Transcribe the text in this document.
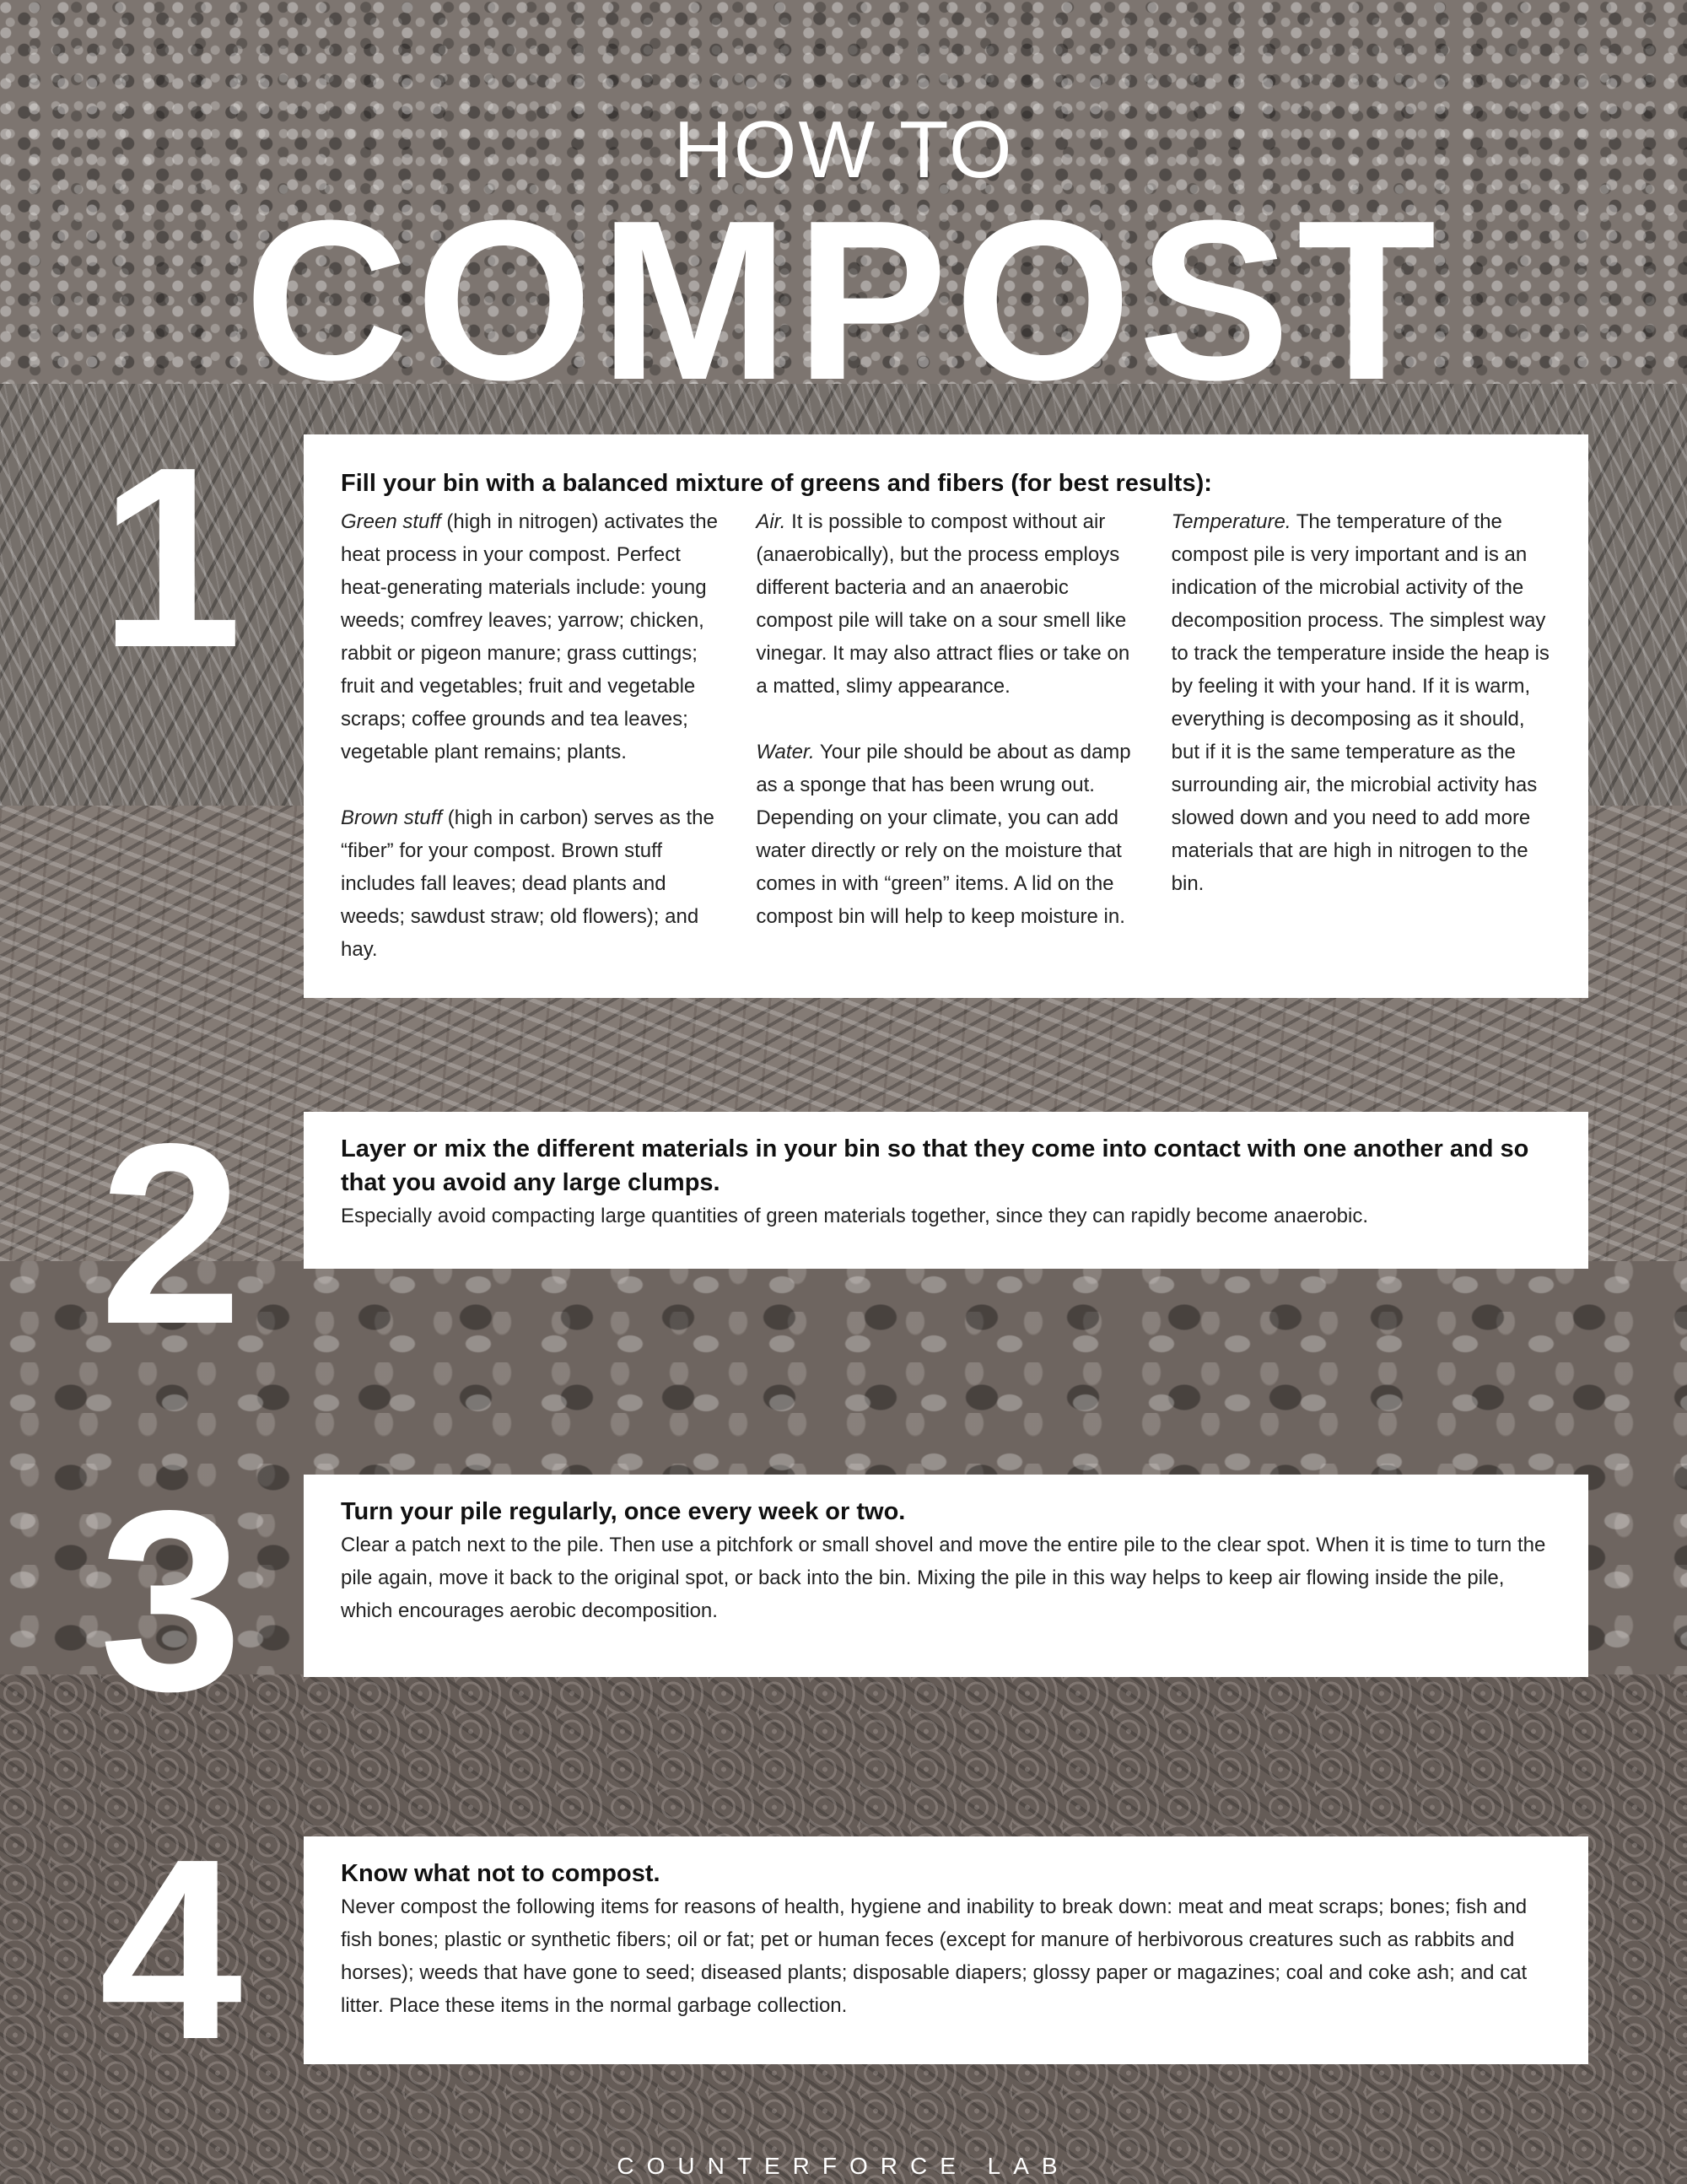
HOW TO
COMPOST
1	Fill your bin with a balanced mixture of greens and fibers (for best results):

Green stuff (high in nitrogen) activates the heat process in your compost. Perfect heat-generating materials include: young weeds; comfrey leaves; yarrow; chicken, rabbit or pigeon manure; grass cuttings; fruit and vegetables; fruit and vegetable scraps; coffee grounds and tea leaves; vegetable plant remains; plants.

Brown stuff (high in carbon) serves as the “fiber” for your compost. Brown stuff includes fall leaves; dead plants and weeds; sawdust straw; old flowers); and hay.

Air. It is possible to compost without air (anaerobically), but the process employs different bacteria and an anaerobic compost pile will take on a sour smell like vinegar. It may also attract flies or take on a matted, slimy appearance.

Water. Your pile should be about as damp as a sponge that has been wrung out. Depending on your climate, you can add water directly or rely on the moisture that comes in with “green” items. A lid on the compost bin will help to keep moisture in.

Temperature. The temperature of the compost pile is very important and is an indication of the microbial activity of the decomposition process. The simplest way to track the temperature inside the heap is by feeling it with your hand. If it is warm, everything is decomposing as it should, but if it is the same temperature as the surrounding air, the microbial activity has slowed down and you need to add more materials that are high in nitrogen to the bin.

2	Layer or mix the different materials in your bin so that they come into contact with one another and so that you avoid any large clumps.

Especially avoid compacting large quantities of green materials together, since they can rapidly become anaerobic.

3	Turn your pile regularly, once every week or two.

Clear a patch next to the pile. Then use a pitchfork or small shovel and move the entire pile to the clear spot. When it is time to turn the pile again, move it back to the original spot, or back into the bin. Mixing the pile in this way helps to keep air flowing inside the pile, which encourages aerobic decomposition.

4	Know what not to compost.

Never compost the following items for reasons of health, hygiene and inability to break down: meat and meat scraps; bones; fish and fish bones; plastic or synthetic fibers; oil or fat; pet or human feces (except for manure of herbivorous creatures such as rabbits and horses); weeds that have gone to seed; diseased plants; disposable diapers; glossy paper or magazines; coal and coke ash; and cat litter. Place these items in the normal garbage collection.

COUNTERFORCE LAB
